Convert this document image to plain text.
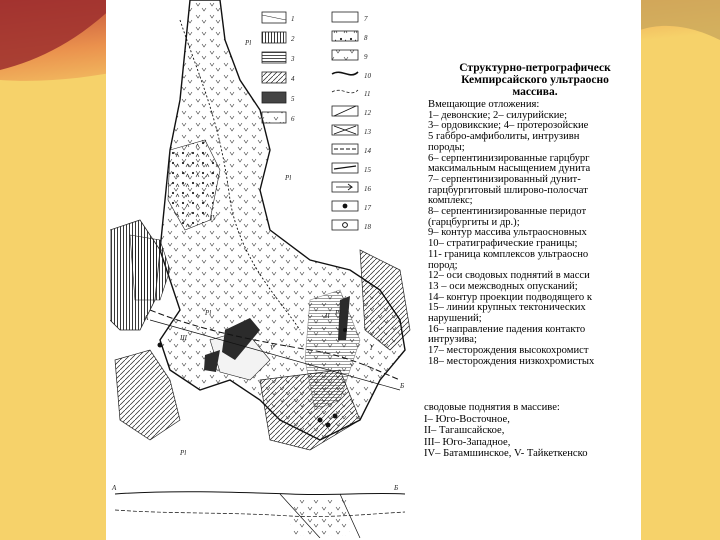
Pl
Pl
Pl
Pl
Pl
I
II
III
IV
V
A
Б
1
2
3
4
5
6
7
8
9
10
11
12
13
14
15
16
17
18
A	Б
Структурно-петрографическ
Кемпирсайского ультраосно
массива.
Вмещающие отложения:
1– девонские; 2– силурийские;
3– ордовикские; 4– протерозойские
5 габбро-амфиболиты, интрузивн
породы;
6– серпентинизированные гарцбург
максимальным насыщением дунита
7– серпентинизированный дунит-
гарцбургитовый шлирово-полосчат
комплекс;
8– серпентинизированные перидот
(гарцбургиты и др.);
9– контур массива ультраосновных
10– стратиграфические границы;
11- граница комплексов ультраосно
пород;
12– оси сводовых поднятий в масси
13 – оси межсводных опусканий;
14– контур проекции подводящего к
15– линии крупных тектонических
нарушений;
16– направление падения контакто
интрузива;
17– месторождения высокохромист
18– месторождения низкохромистых
сводовые поднятия в массиве:
I– Юго-Восточное,
II– Тагашсайское,
III– Юго-Западное,
IV– Батамшинское, V- Тайкеткенско
